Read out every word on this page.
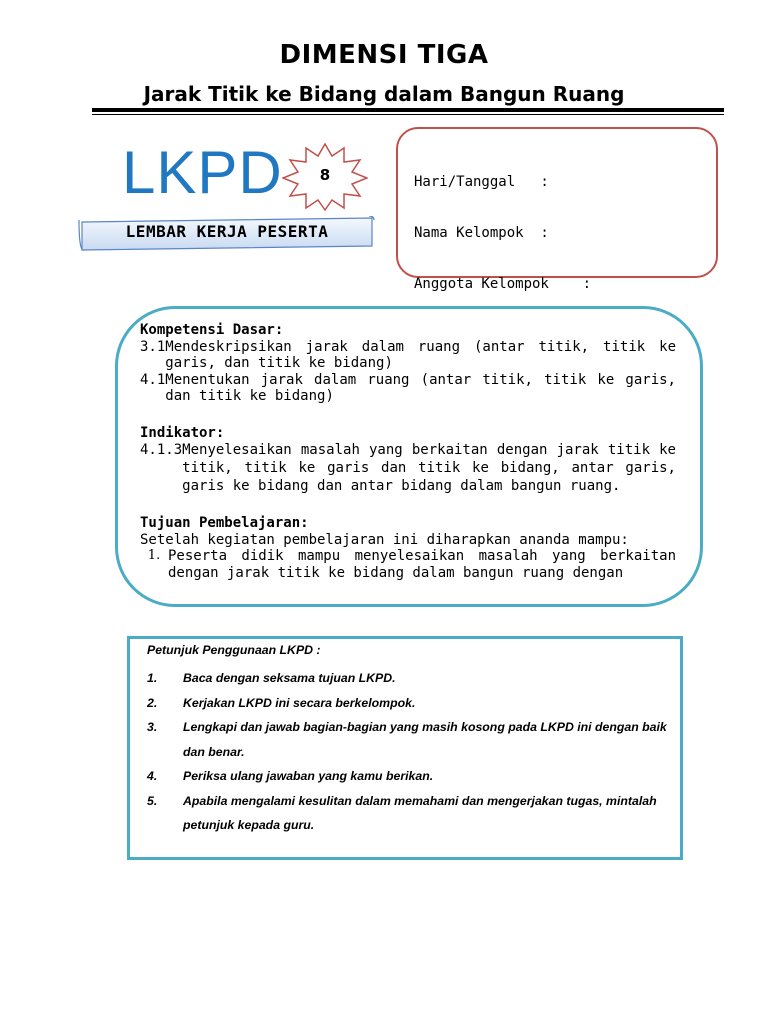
DIMENSI TIGA
Jarak Titik ke Bidang dalam Bangun Ruang
LKPD	8
LEMBAR KERJA PESERTA

Hari/Tanggal   :

Nama Kelompok  :

Anggota Kelompok    :

Kompetensi Dasar:
3.1 Mendeskripsikan jarak dalam ruang (antar titik, titik ke garis, dan titik ke bidang)
4.1 Menentukan jarak dalam ruang (antar titik, titik ke garis, dan titik ke bidang)
Indikator:
4.1.3 Menyelesaikan masalah yang berkaitan dengan jarak titik ke titik, titik ke garis dan titik ke bidang, antar garis, garis ke bidang dan antar bidang dalam bangun ruang.
Tujuan Pembelajaran:
Setelah kegiatan pembelajaran ini diharapkan ananda mampu:
1. Peserta didik mampu menyelesaikan masalah yang berkaitan dengan jarak titik ke bidang dalam bangun ruang dengan
Petunjuk Penggunaan LKPD :
1.	Baca dengan seksama tujuan LKPD.
2.	Kerjakan LKPD ini secara berkelompok.
3.	Lengkapi dan jawab bagian-bagian yang masih kosong pada LKPD ini dengan baik dan benar.
4.	Periksa ulang jawaban yang kamu berikan.
5.	Apabila mengalami kesulitan dalam memahami dan mengerjakan tugas, mintalah petunjuk kepada guru.
